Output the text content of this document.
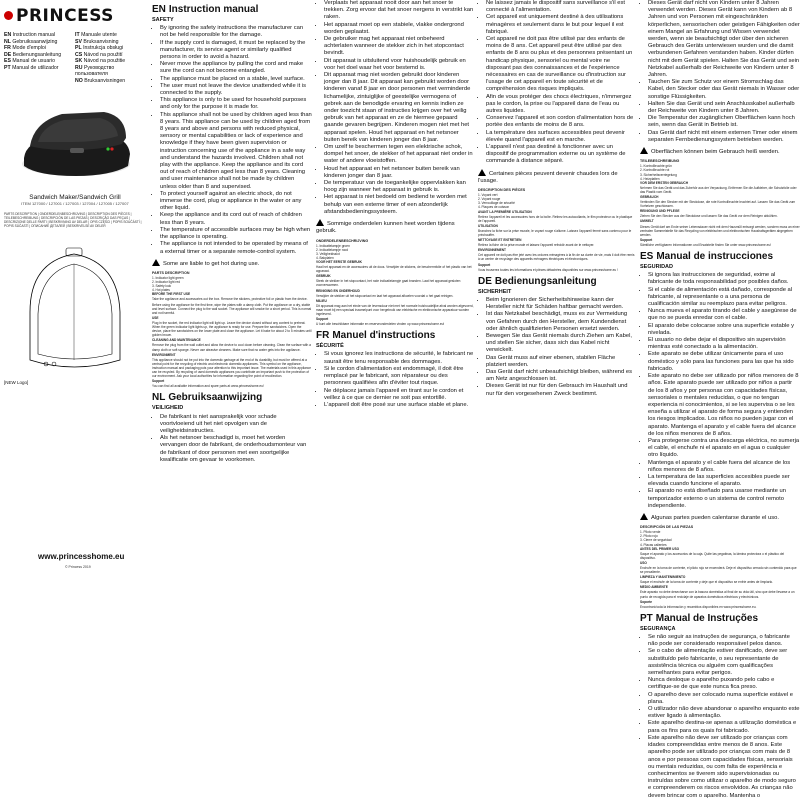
PRINCESS
EN Instruction manual	IT Manuale utente
NL Gebruiksaanwijzing	SV Bruksanvisning
FR Mode d'emploi	PL Instrukcja obsługi
DE Bedienungsanleitung	CS Návod na použití
ES Manual de usuario	SK Návod na použitie
PT Manual de utilizador	RU Руководство пользователя
NO Bruksanvisningen
Sandwich Maker/Sandwich Grill
ITEM 127000 / 127001 / 127003 / 127004 / 127005 / 127007
PARTS DESCRIPTION | ONDERDELENBESCHRIJVING | DESCRIPTION DES PIÈCES | TEILEBESCHREIBUNG | DESCRIPCIÓN DE LAS PIEZAS | DESCRIÇÃO DAS PEÇAS | DESCRIZIONE DELLE PARTI | BESKRIVNING AV DELAR | OPIS CZĘŚCI | POPIS SOUČÁSTÍ | POPIS SÚČASTÍ | ОПИСАНИЕ ДЕТАЛЕЙ | BESKRIVELSE AV DELER
[NEW Logo]
www.princesshome.eu
© Princess 2019
EN Instruction manual
SAFETY
• By ignoring the safety instructions the manufacturer can not be held responsible for the damage.
• If the supply cord is damaged, it must be replaced by the manufacturer, its service agent or similarly qualified persons in order to avoid a hazard.
• Never move the appliance by pulling the cord and make sure the cord can not become entangled.
• The appliance must be placed on a stable, level surface.
• The user must not leave the device unattended while it is connected to the supply.
• This appliance is only to be used for household purposes and only for the purpose it is made for.
• This appliance shall not be used by children aged less than 8 years. This appliance can be used by children aged from 8 years and above and persons with reduced physical, sensory or mental capabilities or lack of experience and knowledge if they have been given supervision or instruction concerning use of the appliance in a safe way and understand the hazards involved. Children shall not play with the appliance. Keep the appliance and its cord out of reach of children aged less than 8 years. Cleaning and user maintenance shall not be made by children unless older than 8 and supervised.
• To protect yourself against an electric shock, do not immerse the cord, plug or appliance in the water or any other liquid.
• Keep the appliance and its cord out of reach of children less than 8 years.
• The temperature of accessible surfaces may be high when the appliance is operating.
• The appliance is not intended to be operated by means of a external timer or a separate remote-control system.

Some are liable to get hot during use.

PARTS DESCRIPTION
1. Indicator light green
2. Indicator light red
3. Safety lock
4. Hot plates

BEFORE THE FIRST USE

Take the appliance and accessories out the box. Remove the stickers, protective foil or plastic from the device.

Before using the appliance for the first time, wipe the plates with a damp cloth. Put the appliance on a dry, stable and level surface. Connect the plug to the wall socket. The appliance will smoke for a short period. This is normal and not harmful.

USE

Plug in the socket, the red indicator light will light up. Leave the device closed without any content to preheat. When the green indicator light lights up, the appliance is ready for use. Prepare the sandwiches. Open the device, place the sandwiches on the lower plate and close the appliance. Let it bake for about 2 to 5 minutes until golden brown.

CLEANING AND MAINTENANCE

Remove the plug from the wall outlet and allow the device to cool down before cleaning. Clean the surface with a damp cloth or soft sponge. Never use abrasive cleaners. Make sure that no water gets into the appliance.

ENVIRONMENT

This appliance should not be put into the domestic garbage at the end of its durability, but must be offered at a central point for the recycling of electric and electronic domestic appliances. This symbol on the appliance, instruction manual and packaging puts your attention to this important issue. The materials used in this appliance can be recycled. By recycling of used domestic appliances you contribute an important push to the protection of our environment. Ask your local authorities for information regarding the point of recollection.

Support

You can find all available information and spare parts at www.princesshome.eu!

NL Gebruiksaanwijzing
VEILIGHEID
• De fabrikant is niet aansprakelijk voor schade voortvloeiend uit het niet opvolgen van de veiligheidsinstructies.
• Als het netsnoer beschadigd is, moet het worden vervangen door de fabrikant, de onderhoudsmonteur van de fabrikant of door personen met een soortgelijke kwalificatie om gevaar te voorkomen.
• Verplaats het apparaat nooit door aan het snoer te trekken. Zorg ervoor dat het snoer nergens in verstrikt kan raken.
• Het apparaat moet op een stabiele, vlakke ondergrond worden geplaatst.
• De gebruiker mag het apparaat niet onbeheerd achterlaten wanneer de stekker zich in het stopcontact bevindt.
• Dit apparaat is uitsluitend voor huishoudelijk gebruik en voor het doel waar het voor bestemd is.
• Dit apparaat mag niet worden gebruikt door kinderen jonger dan 8 jaar. Dit apparaat kan gebruikt worden door kinderen vanaf 8 jaar en door personen met verminderde lichamelijke, zintuiglijke of geestelijke vermogens of gebrek aan de benodigde ervaring en kennis indien ze onder toezicht staan of instructies krijgen over het veilig gebruik van het apparaat en ze de hiermee gepaard gaande gevaren begrijpen. Kinderen mogen niet met het apparaat spelen. Houd het apparaat en het netsnoer buiten bereik van kinderen jonger dan 8 jaar.
• Om uzelf te beschermen tegen een elektrische schok, dompel het snoer, de stekker of het apparaat niet onder in water of andere vloeistoffen.
• Houd het apparaat en het netsnoer buiten bereik van kinderen jonger dan 8 jaar.
• De temperatuur van de toegankelijke oppervlakken kan hoog zijn wanneer het apparaat in gebruik is.
• Het apparaat is niet bedoeld om bediend te worden met behulp van een externe timer of een afzonderlijk afstandsbedieningssysteem.

Sommige onderdelen kunnen heet worden tijdens gebruik.

ONDERDELENBESCHRIJVING
1. Indicatielampje groen
2. Indicatielampje rood
3. Veiligheidsslot
4. Bakplaten

VOOR HET EERSTE GEBRUIK

Haal het apparaat en de accessoires uit de doos. Verwijder de stickers, de beschermfolie of het plastic van het apparaat.

GEBRUIK

Steek de stekker in het stopcontact, het rode indicatielampje gaat branden. Laat het apparaat gesloten voorverwarmen.

REINIGING EN ONDERHOUD

Verwijder de stekker uit het stopcontact en laat het apparaat afkoelen voordat u het gaat reinigen.

MILIEU

Dit apparaat mag aan het einde van de levensduur niet met het normale huishoudelijke afval worden afgevoerd, maar moet bij een speciaal inzamelpunt voor hergebruik van elektrische en elektronische apparatuur worden ingeleverd.

Support

U kunt alle beschikbare informatie en reserveonderdelen vinden op www.princesshome.eu!

FR Manuel d'instructions
SÉCURITÉ
• Si vous ignorez les instructions de sécurité, le fabricant ne saurait être tenu responsable des dommages.
• Si le cordon d'alimentation est endommagé, il doit être remplacé par le fabricant, son réparateur ou des personnes qualifiées afin d'éviter tout risque.
• Ne déplacez jamais l'appareil en tirant sur le cordon et veillez à ce que ce dernier ne soit pas entortillé.
• L'appareil doit être posé sur une surface stable et plane.
• Ne laissez jamais le dispositif sans surveillance s'il est connecté à l'alimentation.
• Cet appareil est uniquement destiné à des utilisations ménagères et seulement dans le but pour lequel il est fabriqué.
• Cet appareil ne doit pas être utilisé par des enfants de moins de 8 ans. Cet appareil peut être utilisé par des enfants de 8 ans ou plus et des personnes présentant un handicap physique, sensoriel ou mental voire ne disposant pas des connaissances et de l'expérience nécessaires en cas de surveillance ou d'instruction sur l'usage de cet appareil en toute sécurité et de compréhension des risques impliqués.
• Afin de vous protéger des chocs électriques, n'immergez pas le cordon, la prise ou l'appareil dans de l'eau ou autres liquides.
• Conservez l'appareil et son cordon d'alimentation hors de portée des enfants de moins de 8 ans.
• La température des surfaces accessibles peut devenir élevée quand l'appareil est en marche.
• L'appareil n'est pas destiné à fonctionner avec un dispositif de programmation externe ou un système de commande à distance séparé.

Certaines pièces peuvent devenir chaudes lors de l'usage.

DESCRIPTION DES PIÈCES
1. Voyant vert
2. Voyant rouge
3. Verrouillage de sécurité
4. Plaques de cuisson

AVANT LA PREMIÈRE UTILISATION

Retirez l'appareil et les accessoires hors de la boîte. Retirez les autocollants, le film protecteur ou le plastique de l'appareil.

UTILISATION

Branchez la fiche sur la prise murale, le voyant rouge s'allume. Laissez l'appareil fermé sans contenu pour le préchauffer.

NETTOYAGE ET ENTRETIEN

Retirez la fiche de la prise murale et laissez l'appareil refroidir avant de le nettoyer.

ENVIRONNEMENT

Cet appareil ne doit pas être jeté avec les ordures ménagères à la fin de sa durée de vie, mais il doit être remis à un centre de recyclage des appareils ménagers électriques et électroniques.

Support

Vous trouverez toutes les informations et pièces détachées disponibles sur www.princesshome.eu !

DE Bedienungsanleitung
SICHERHEIT
• Beim Ignorieren der Sicherheitshinweise kann der Hersteller nicht für Schäden haftbar gemacht werden.
• Ist das Netzkabel beschädigt, muss es zur Vermeidung von Gefahren durch den Hersteller, dem Kundendienst oder ähnlich qualifizierten Personen ersetzt werden.
• Bewegen Sie das Gerät niemals durch Ziehen am Kabel, und stellen Sie sicher, dass sich das Kabel nicht verwickelt.
• Das Gerät muss auf einer ebenen, stabilen Fläche platziert werden.
• Das Gerät darf nicht unbeaufsichtigt bleiben, während es am Netz angeschlossen ist.
• Dieses Gerät ist nur für den Gebrauch im Haushalt und nur für den vorgesehenen Zweck bestimmt.
• Dieses Gerät darf nicht von Kindern unter 8 Jahren verwendet werden. Dieses Gerät kann von Kindern ab 8 Jahren und von Personen mit eingeschränkten körperlichen, sensorischen oder geistigen Fähigkeiten oder einem Mangel an Erfahrung und Wissen verwendet werden, wenn sie beaufsichtigt oder über den sicheren Gebrauch des Geräts unterwiesen wurden und die damit verbundenen Gefahren verstanden haben. Kinder dürfen nicht mit dem Gerät spielen. Halten Sie das Gerät und sein Netzkabel außerhalb der Reichweite von Kindern unter 8 Jahren.
• Tauchen Sie zum Schutz vor einem Stromschlag das Kabel, den Stecker oder das Gerät niemals in Wasser oder sonstige Flüssigkeiten.
• Halten Sie das Gerät und sein Anschlusskabel außerhalb der Reichweite von Kindern unter 8 Jahren.
• Die Temperatur der zugänglichen Oberflächen kann hoch sein, wenn das Gerät in Betrieb ist.
• Das Gerät darf nicht mit einem externen Timer oder einem separaten Fernbedienungssystem betrieben werden.

Oberflächen können beim Gebrauch heiß werden.

TEILEBESCHREIBUNG
1. Kontrollleuchte grün
2. Kontrollleuchte rot
3. Sicherheitsverriegelung
4. Heizplatten

VOR DEM ERSTEN GEBRAUCH

Nehmen Sie das Gerät und das Zubehör aus der Verpackung. Entfernen Sie die Aufkleber, die Schutzfolie oder das Plastik vom Gerät.

GEBRAUCH

Verbinden Sie den Stecker mit der Steckdose, die rote Kontrollleuchte leuchtet auf. Lassen Sie das Gerät zum Vorheizen geschlossen.

REINIGUNG UND PFLEGE

Ziehen Sie den Stecker aus der Steckdose und lassen Sie das Gerät vor dem Reinigen abkühlen.

UMWELT

Dieses Gerät darf am Ende seiner Lebensdauer nicht mit dem Hausmüll entsorgt werden, sondern muss an einer zentralen Sammelstelle für das Recycling von elektrischen und elektronischen Haushaltsgeräten abgegeben werden.

Support

Sämtliche verfügbaren Informationen und Ersatzteile finden Sie unter www.princesshome.eu!

ES Manual de instrucciones
SEGURIDAD
• Si ignora las instrucciones de seguridad, exime al fabricante de toda responsabilidad por posibles daños.
• Si el cable de alimentación está dañado, corresponde al fabricante, al representante o a una persona de cualificación similar su reemplazo para evitar peligros.
• Nunca mueva el aparato tirando del cable y asegúrese de que no se pueda enredar con el cable.
• El aparato debe colocarse sobre una superficie estable y nivelada.
• El usuario no debe dejar el dispositivo sin supervisión mientras esté conectado a la alimentación.
• Este aparato se debe utilizar únicamente para el uso doméstico y sólo para las funciones para las que ha sido fabricado.
• Este aparato no debe ser utilizado por niños menores de 8 años. Este aparato puede ser utilizado por niños a partir de los 8 años y por personas con capacidades físicas, sensoriales o mentales reducidas, o que no tengan experiencia ni conocimientos, si se les supervisa o se les enseña a utilizar el aparato de forma segura y entienden los riesgos implicados. Los niños no pueden jugar con el aparato. Mantenga el aparato y el cable fuera del alcance de los niños menores de 8 años.
• Para protegerse contra una descarga eléctrica, no sumerja el cable, el enchufe ni el aparato en el agua o cualquier otro líquido.
• Mantenga el aparato y el cable fuera del alcance de los niños menores de 8 años.
• La temperatura de las superficies accesibles puede ser elevada cuando funcione el aparato.
• El aparato no está diseñado para usarse mediante un temporizador externo o un sistema de control remoto independiente.

Algunas partes pueden calentarse durante el uso.

DESCRIPCIÓN DE LAS PIEZAS
1. Piloto verde
2. Piloto rojo
3. Cierre de seguridad
4. Placas calientes

ANTES DEL PRIMER USO

Saque el aparato y los accesorios de la caja. Quite las pegatinas, la lámina protectora o el plástico del dispositivo.

USO

Enchufe en la toma de corriente, el piloto rojo se encenderá. Deje el dispositivo cerrado sin contenido para que se precaliente.

LIMPIEZA Y MANTENIMIENTO

Saque el enchufe de la toma de corriente y deje que el dispositivo se enfríe antes de limpiarlo.

MEDIO AMBIENTE

Este aparato no debe desecharse con la basura doméstica al final de su vida útil, sino que debe llevarse a un punto de recogida para el reciclaje de aparatos domésticos eléctricos y electrónicos.

Soporte

Encontrará toda la información y recambios disponibles en www.princesshome.eu.

PT Manual de Instruções
SEGURANÇA
• Se não seguir as instruções de segurança, o fabricante não pode ser considerado responsável pelos danos.
• Se o cabo de alimentação estiver danificado, deve ser substituído pelo fabricante, o seu representante de assistência técnica ou alguém com qualificações semelhantes para evitar perigos.
• Nunca desloque o aparelho puxando pelo cabo e certifique-se de que este nunca fica preso.
• O aparelho deve ser colocado numa superfície estável e plana.
• O utilizador não deve abandonar o aparelho enquanto este estiver ligado à alimentação.
• Este aparelho destina-se apenas a utilização doméstica e para os fins para os quais foi fabricado.
• Este aparelho não deve ser utilizado por crianças com idades compreendidas entre menos de 8 anos. Este aparelho pode ser utilizado por crianças com mais de 8 anos e por pessoas com capacidades físicas, sensoriais ou mentais reduzidas, ou com falta de experiência e conhecimentos se tiverem sido supervisionadas ou instruídas sobre como utilizar o aparelho de modo seguro e compreenderem os riscos envolvidos. As crianças não devem brincar com o aparelho. Mantenha o
